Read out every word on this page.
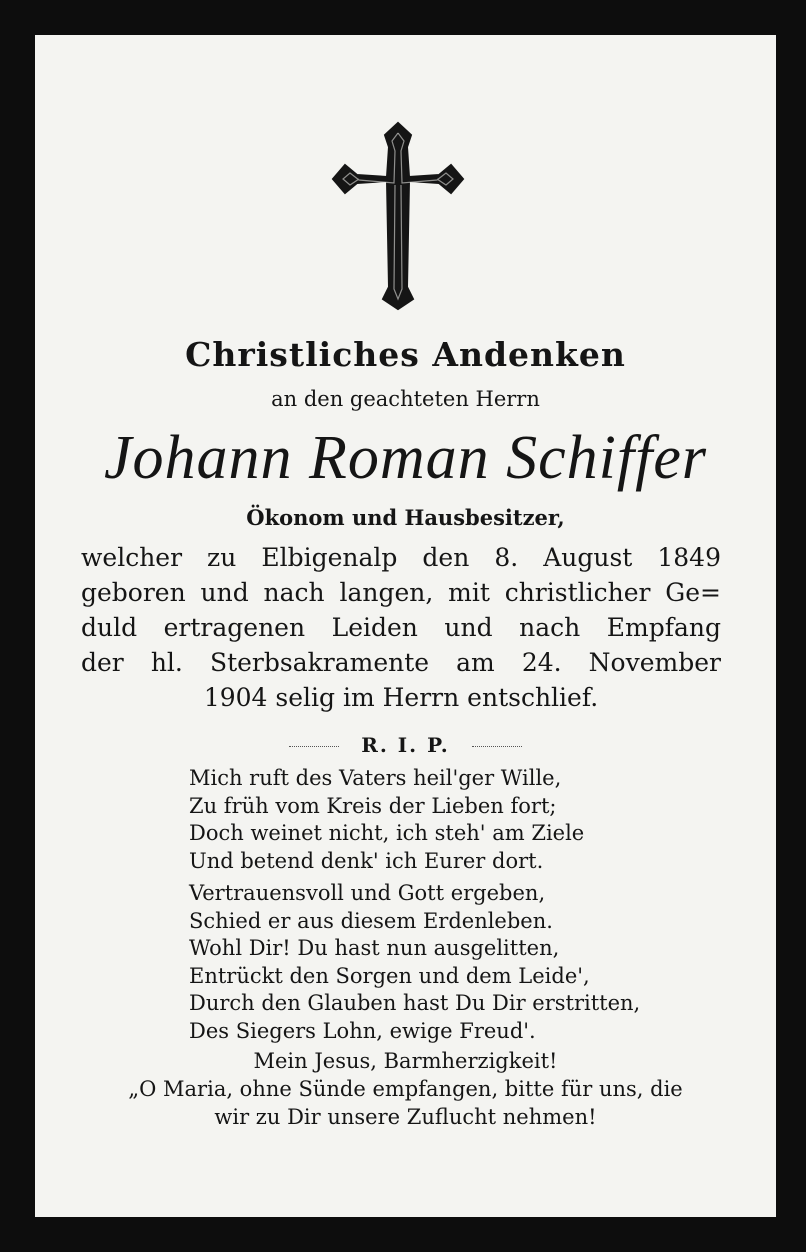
Christliches Andenken
an den geachteten Herrn
Johann Roman Schiffer
Ökonom und Hausbesitzer,
welcher zu Elbigenalp den 8. August 1849
geboren und nach langen, mit christlicher Ge=
duld ertragenen Leiden und nach Empfang
der hl. Sterbsakramente am 24. November
1904 selig im Herrn entschlief.
R. I. P.
Mich ruft des Vaters heil'ger Wille,
Zu früh vom Kreis der Lieben fort;
Doch weinet nicht, ich steh' am Ziele
Und betend denk' ich Eurer dort.
Vertrauensvoll und Gott ergeben,
Schied er aus diesem Erdenleben.
Wohl Dir! Du hast nun ausgelitten,
Entrückt den Sorgen und dem Leide',
Durch den Glauben hast Du Dir erstritten,
Des Siegers Lohn, ewige Freud'.
Mein Jesus, Barmherzigkeit!
„O Maria, ohne Sünde empfangen, bitte für uns, die
wir zu Dir unsere Zuflucht nehmen!
